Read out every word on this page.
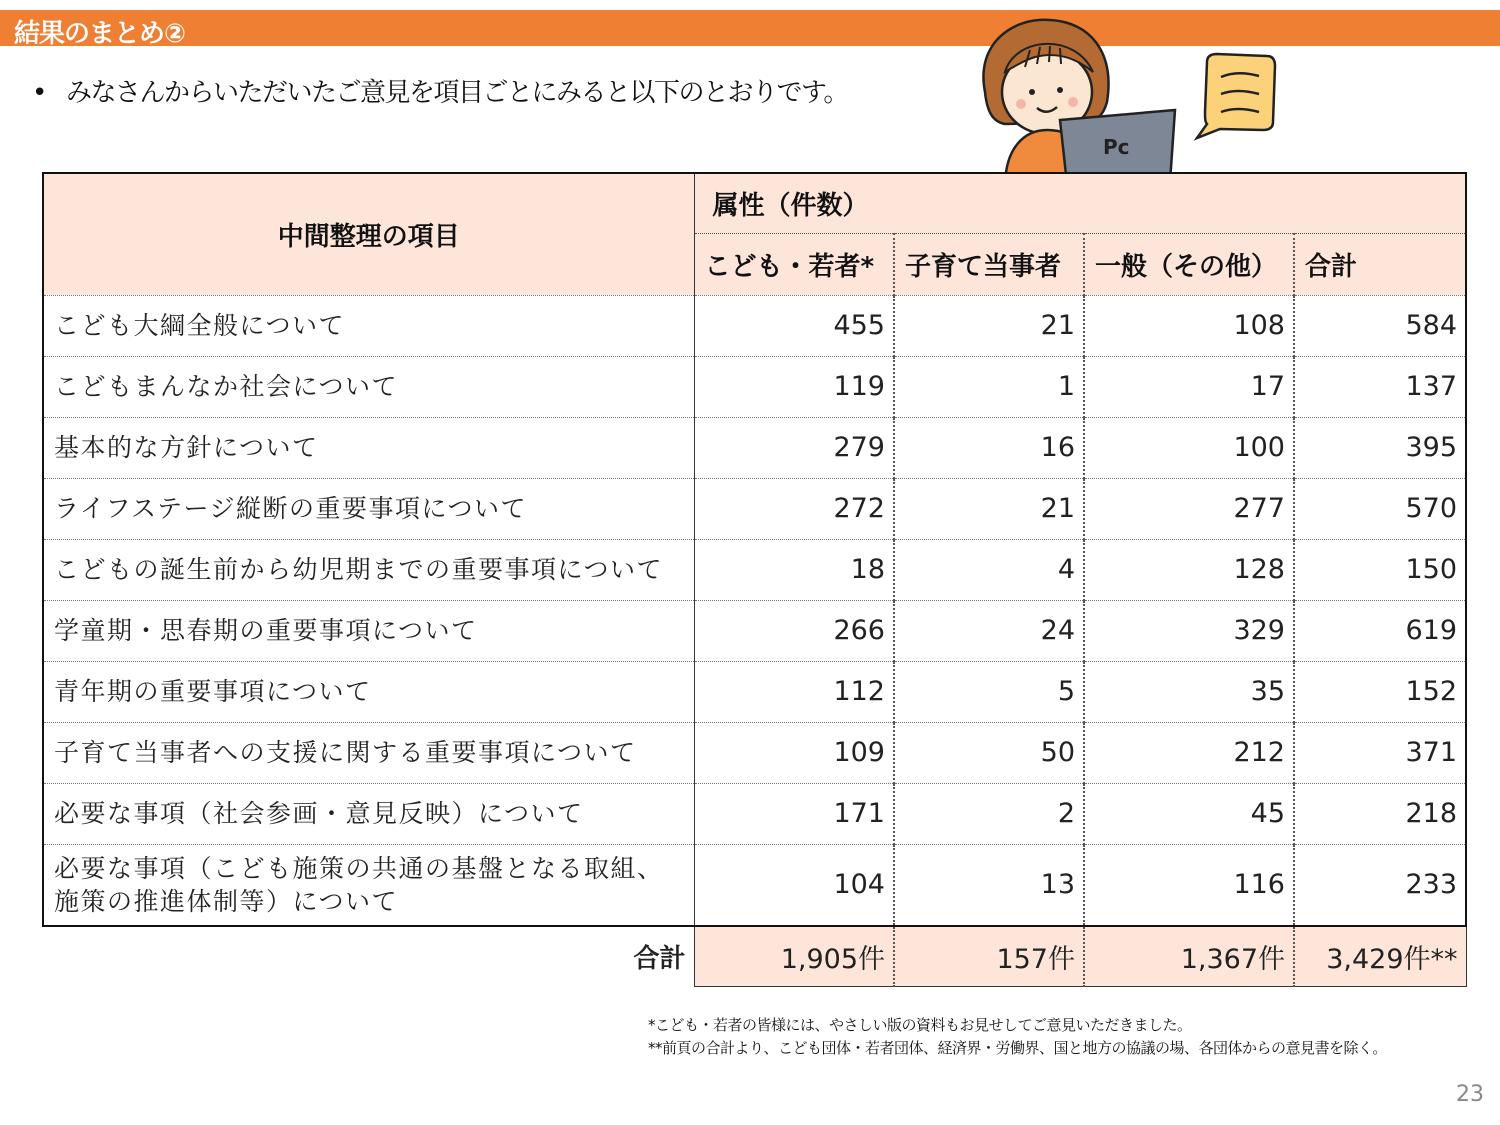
結果のまとめ②
• みなさんからいただいたご意見を項目ごとにみると以下のとおりです。
Pc
中間整理の項目	属性（件数）			
	こども・若者*	子育て当事者	一般（その他）	合計
こども大綱全般について	455	21	108	584
こどもまんなか社会について	119	1	17	137
基本的な方針について	279	16	100	395
ライフステージ縦断の重要事項について	272	21	277	570
こどもの誕生前から幼児期までの重要事項について	18	4	128	150
学童期・思春期の重要事項について	266	24	329	619
青年期の重要事項について	112	5	35	152
子育て当事者への支援に関する重要事項について	109	50	212	371
必要な事項（社会参画・意見反映）について	171	2	45	218

必要な事項（こども施策の共通の基盤となる取組、
施策の推進体制等）について	104	13	116	233
合計	1,905件	157件	1,367件	3,429件**
*こども・若者の皆様には、やさしい版の資料もお見せしてご意見いただきました。
**前頁の合計より、こども団体・若者団体、経済界・労働界、国と地方の協議の場、各団体からの意見書を除く。
23
